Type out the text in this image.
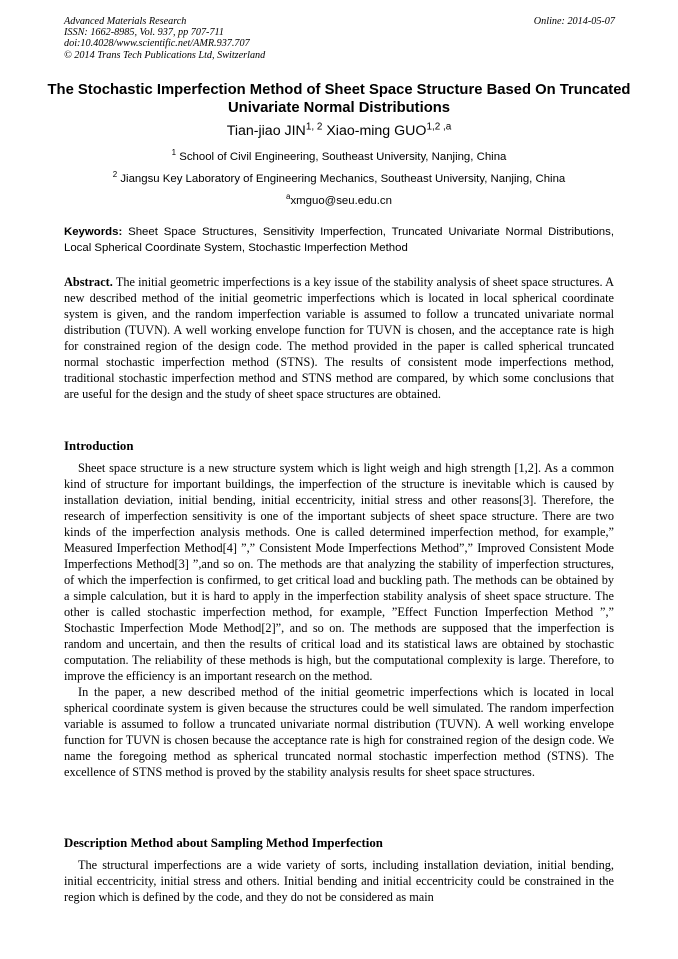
Advanced Materials Research
ISSN: 1662-8985, Vol. 937, pp 707-711
doi:10.4028/www.scientific.net/AMR.937.707
© 2014 Trans Tech Publications Ltd, Switzerland
Online: 2014-05-07
The Stochastic Imperfection Method of Sheet Space Structure Based On Truncated Univariate Normal Distributions
Tian-jiao JIN$^{1, 2}$ Xiao-ming GUO$^{1,2 ,a}$
$^1$ School of Civil Engineering, Southeast University, Nanjing, China
$^2$ Jiangsu Key Laboratory of Engineering Mechanics, Southeast University, Nanjing, China
$^a$xmguo@seu.edu.cn
Keywords: Sheet Space Structures, Sensitivity Imperfection, Truncated Univariate Normal Distributions, Local Spherical Coordinate System, Stochastic Imperfection Method
Abstract. The initial geometric imperfections is a key issue of the stability analysis of sheet space structures. A new described method of the initial geometric imperfections which is located in local spherical coordinate system is given, and the random imperfection variable is assumed to follow a truncated univariate normal distribution (TUVN). A well working envelope function for TUVN is chosen, and the acceptance rate is high for constrained region of the design code. The method provided in the paper is called spherical truncated normal stochastic imperfection method (STNS). The results of consistent mode imperfections method, traditional stochastic imperfection method and STNS method are compared, by which some conclusions that are useful for the design and the study of sheet space structures are obtained.
Introduction

Sheet space structure is a new structure system which is light weigh and high strength [1,2]. As a common kind of structure for important buildings, the imperfection of the structure is inevitable which is caused by installation deviation, initial bending, initial eccentricity, initial stress and other reasons[3]. Therefore, the research of imperfection sensitivity is one of the important subjects of sheet space structure. There are two kinds of the imperfection analysis methods. One is called determined imperfection method, for example,” Measured Imperfection Method[4] ”,” Consistent Mode Imperfections Method”,” Improved Consistent Mode Imperfections Method[3] ”,and so on. The methods are that analyzing the stability of imperfection structures, of which the imperfection is confirmed, to get critical load and buckling path. The methods can be obtained by a simple calculation, but it is hard to apply in the imperfection stability analysis of sheet space structure. The other is called stochastic imperfection method, for example, ”Effect Function Imperfection Method ”,” Stochastic Imperfection Mode Method[2]”, and so on. The methods are supposed that the imperfection is random and uncertain, and then the results of critical load and its statistical laws are obtained by stochastic computation. The reliability of these methods is high, but the computational complexity is large. Therefore, to improve the efficiency is an important research on the method.

In the paper, a new described method of the initial geometric imperfections which is located in local spherical coordinate system is given because the structures could be well simulated. The random imperfection variable is assumed to follow a truncated univariate normal distribution (TUVN). A well working envelope function for TUVN is chosen because the acceptance rate is high for constrained region of the design code. We name the foregoing method as spherical truncated normal stochastic imperfection method (STNS). The excellence of STNS method is proved by the stability analysis results for sheet space structures.

Description Method about Sampling Method Imperfection

The structural imperfections are a wide variety of sorts, including installation deviation, initial bending, initial eccentricity, initial stress and others. Initial bending and initial eccentricity could be constrained in the region which is defined by the code, and they do not be considered as main
